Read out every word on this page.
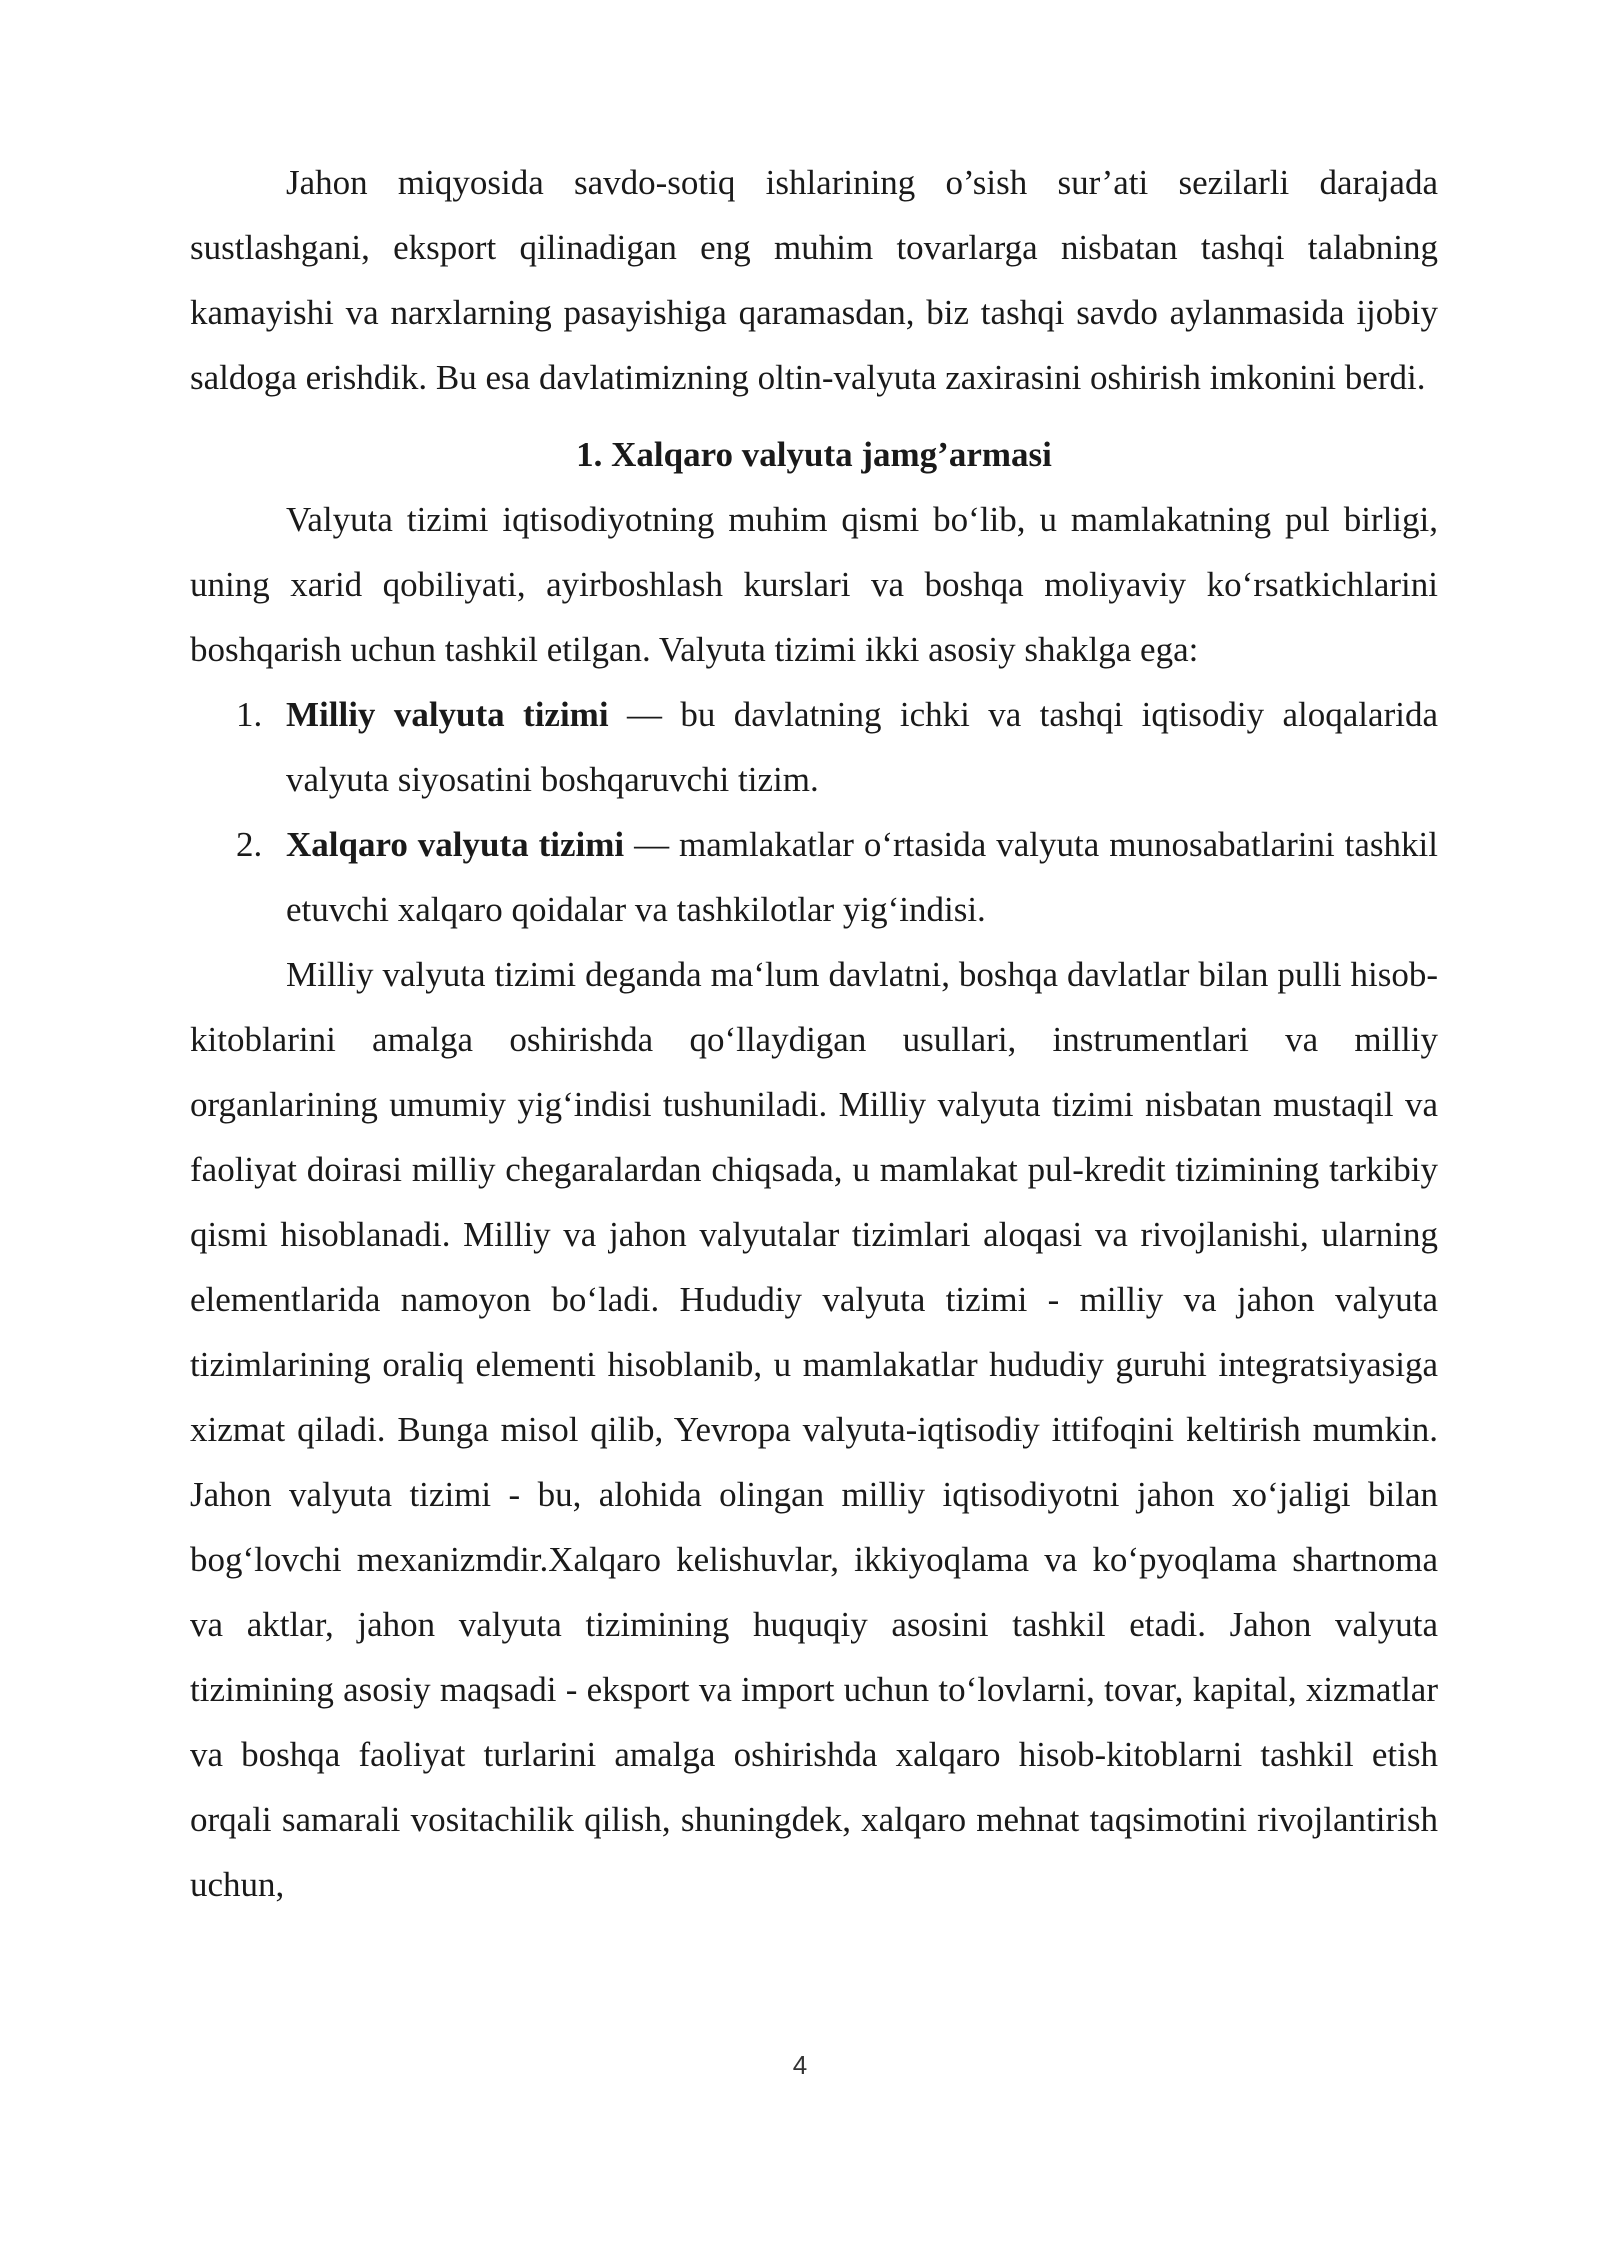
Jahon miqyosida savdo-sotiq ishlarining o’sish sur’ati sezilarli darajada sustlashgani, eksport qilinadigan eng muhim tovarlarga nisbatan tashqi talabning kamayishi va narxlarning pasayishiga qaramasdan, biz tashqi savdo aylanmasida ijobiy saldoga erishdik. Bu esa davlatimizning oltin-valyuta zaxirasini oshirish imkonini berdi.

1. Xalqaro valyuta jamg’armasi

Valyuta tizimi iqtisodiyotning muhim qismi bo‘lib, u mamlakatning pul birligi, uning xarid qobiliyati, ayirboshlash kurslari va boshqa moliyaviy ko‘rsatkichlarini boshqarish uchun tashkil etilgan. Valyuta tizimi ikki asosiy shaklga ega:

1. Milliy valyuta tizimi — bu davlatning ichki va tashqi iqtisodiy aloqalarida valyuta siyosatini boshqaruvchi tizim.
2. Xalqaro valyuta tizimi — mamlakatlar o‘rtasida valyuta munosabatlarini tashkil etuvchi xalqaro qoidalar va tashkilotlar yig‘indisi.

Milliy valyuta tizimi deganda ma‘lum davlatni, boshqa davlatlar bilan pulli hisob-kitoblarini amalga oshirishda qo‘llaydigan usullari, instrumentlari va milliy organlarining umumiy yig‘indisi tushuniladi. Milliy valyuta tizimi nisbatan mustaqil va faoliyat doirasi milliy chegaralardan chiqsada, u mamlakat pul-kredit tizimining tarkibiy qismi hisoblanadi. Milliy va jahon valyutalar tizimlari aloqasi va rivojlanishi, ularning elementlarida namoyon bo‘ladi. Hududiy valyuta tizimi - milliy va jahon valyuta tizimlarining oraliq elementi hisoblanib, u mamlakatlar hududiy guruhi integratsiyasiga xizmat qiladi. Bunga misol qilib, Yevropa valyuta-iqtisodiy ittifoqini keltirish mumkin. Jahon valyuta tizimi - bu, alohida olingan milliy iqtisodiyotni jahon xo‘jaligi bilan bog‘lovchi mexanizmdir.Xalqaro kelishuvlar, ikkiyoqlama va ko‘pyoqlama shartnoma va aktlar, jahon valyuta tizimining huquqiy asosini tashkil etadi. Jahon valyuta tizimining asosiy maqsadi - eksport va import uchun to‘lovlarni, tovar, kapital, xizmatlar va boshqa faoliyat turlarini amalga oshirishda xalqaro hisob-kitoblarni tashkil etish orqali samarali vositachilik qilish, shuningdek, xalqaro mehnat taqsimotini rivojlantirish uchun,

4
